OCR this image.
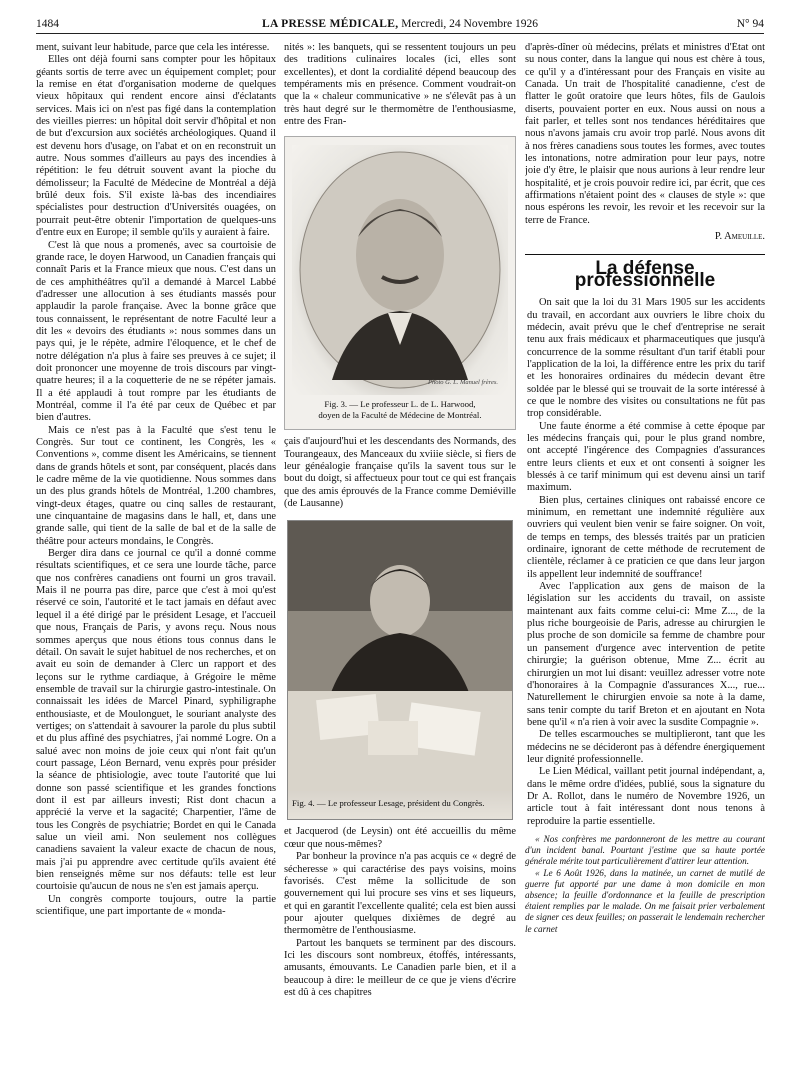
1484	LA PRESSE MÉDICALE, Mercredi, 24 Novembre 1926	N° 94

ment, suivant leur habitude, parce que cela les intéresse.

Elles ont déjà fourni sans compter pour les hôpitaux géants sortis de terre avec un équipement complet; pour la remise en état d'organisation moderne de quelques vieux hôpitaux qui rendent encore ainsi d'éclatants services. Mais ici on n'est pas figé dans la contemplation des vieilles pierres: un hôpital doit servir d'hôpital et non de but d'excursion aux sociétés archéologiques. Quand il est devenu hors d'usage, on l'abat et on en reconstruit un autre. Nous sommes d'ailleurs au pays des incendies à répétition: le feu détruit souvent avant la pioche du démolisseur; la Faculté de Médecine de Montréal a déjà brûlé deux fois. S'il existe là-bas des incendiaires spécialistes pour destruction d'Universités ouagées, on pourrait peut-être obtenir l'importation de quelques-uns d'entre eux en Europe; il semble qu'ils y auraient à faire.

C'est là que nous a promenés, avec sa courtoisie de grande race, le doyen Harwood, un Canadien français qui connaît Paris et la France mieux que nous. C'est dans un de ces amphithéâtres qu'il a demandé à Marcel Labbé d'adresser une allocution à ses étudiants massés pour applaudir la parole française. Avec la bonne grâce que tous connaissent, le représentant de notre Faculté leur a dit les « devoirs des étudiants »: nous sommes dans un pays qui, je le répète, admire l'éloquence, et le chef de notre délégation n'a plus à faire ses preuves à ce sujet; il doit prononcer une moyenne de trois discours par vingt-quatre heures; il a la coquetterie de ne se répéter jamais. Il a été applaudi à tout rompre par les étudiants de Montréal, comme il l'a été par ceux de Québec et par bien d'autres.

Mais ce n'est pas à la Faculté que s'est tenu le Congrès. Sur tout ce continent, les Congrès, les « Conventions », comme disent les Américains, se tiennent dans de grands hôtels et sont, par conséquent, placés dans le cadre même de la vie quotidienne. Nous sommes dans un des plus grands hôtels de Montréal, 1.200 chambres, vingt-deux étages, quatre ou cinq salles de restaurant, une cinquantaine de magasins dans le hall, et, dans une grande salle, qui tient de la salle de bal et de la salle de théâtre pour acteurs mondains, le Congrès.

Berger dira dans ce journal ce qu'il a donné comme résultats scientifiques, et ce sera une lourde tâche, parce que nos confrères canadiens ont fourni un gros travail. Mais il ne pourra pas dire, parce que c'est à moi qu'est réservé ce soin, l'autorité et le tact jamais en défaut avec lequel il a été dirigé par le président Lesage, et l'accueil que nous, Français de Paris, y avons reçu. Nous nous sommes aperçus que nous étions tous connus dans le détail. On savait le sujet habituel de nos recherches, et on avait eu soin de demander à Clerc un rapport et des leçons sur le rythme cardiaque, à Grégoire le même ensemble de travail sur la chirurgie gastro-intestinale. On connaissait les idées de Marcel Pinard, syphiligraphe enthousiaste, et de Moulonguet, le souriant analyste des vertiges; on s'attendait à savourer la parole du plus subtil et du plus affiné des psychiatres, j'ai nommé Logre. On a salué avec non moins de joie ceux qui n'ont fait qu'un court passage, Léon Bernard, venu exprès pour présider la séance de phtisiologie, avec toute l'autorité que lui donne son passé scientifique et les grandes fonctions dont il est par ailleurs investi; Rist dont chacun a apprécié la verve et la sagacité; Charpentier, l'âme de tous les Congrès de psychiatrie; Bordet en qui le Canada salue un vieil ami. Non seulement nos collègues canadiens savaient la valeur exacte de chacun de nous, mais j'ai pu apprendre avec certitude qu'ils avaient été bien renseignés même sur nos défauts: telle est leur courtoisie qu'aucun de nous ne s'en est jamais aperçu.

Un congrès comporte toujours, outre la partie scientifique, une part importante de « monda-

nités »: les banquets, qui se ressentent toujours un peu des traditions culinaires locales (ici, elles sont excellentes), et dont la cordialité dépend beaucoup des tempéraments mis en présence. Comment voudrait-on que la « chaleur communicative » ne s'élevât pas à un très haut degré sur le thermomètre de l'enthousiasme, entre des Fran-

Photo G. L. Manuel frères.
Fig. 3. — Le professeur L. de L. Harwood,
doyen de la Faculté de Médecine de Montréal.

çais d'aujourd'hui et les descendants des Normands, des Tourangeaux, des Manceaux du xviiie siècle, si fiers de leur généalogie française qu'ils la savent tous sur le bout du doigt, si affectueux pour tout ce qui est français que des amis éprouvés de la France comme Demiéville (de Lausanne)

Fig. 4. — Le professeur Lesage, président du Congrès.

et Jacquerod (de Leysin) ont été accueillis du même cœur que nous-mêmes?

Par bonheur la province n'a pas acquis ce « degré de sécheresse » qui caractérise des pays voisins, moins favorisés. C'est même la sollicitude de son gouvernement qui lui procure ses vins et ses liqueurs, et qui en garantit l'excellente qualité; cela est bien aussi pour ajouter quelques dixièmes de degré au thermomètre de l'enthousiasme.

Partout les banquets se terminent par des discours. Ici les discours sont nombreux, étoffés, intéressants, amusants, émouvants. Le Canadien parle bien, et il a beaucoup à dire: le meilleur de ce que je viens d'écrire est dû à ces chapitres

d'après-dîner où médecins, prélats et ministres d'État ont su nous conter, dans la langue qui nous est chère à tous, ce qu'il y a d'intéressant pour des Français en visite au Canada. Un trait de l'hospitalité canadienne, c'est de flatter le goût oratoire que leurs hôtes, fils de Gaulois diserts, pouvaient porter en eux. Nous aussi on nous a fait parler, et telles sont nos tendances héréditaires que nous n'avons jamais cru avoir trop parlé. Nous avons dit à nos frères canadiens sous toutes les formes, avec toutes les intonations, notre admiration pour leur pays, notre joie d'y être, le plaisir que nous aurions à leur rendre leur hospitalité, et je crois pouvoir redire ici, par écrit, que ces affirmations n'étaient point des « clauses de style »: que nous espérons les revoir, les revoir et les recevoir sur la terre de France.

P. Ameuille.
La défense professionnelle

On sait que la loi du 31 Mars 1905 sur les accidents du travail, en accordant aux ouvriers le libre choix du médecin, avait prévu que le chef d'entreprise ne serait tenu aux frais médicaux et pharmaceutiques que jusqu'à concurrence de la somme résultant d'un tarif établi pour l'application de la loi, la différence entre les prix du tarif et les honoraires ordinaires du médecin devant être soldée par le blessé qui se trouvait de la sorte intéressé à ce que le nombre des visites ou consultations ne fût pas trop considérable.

Une faute énorme a été commise à cette époque par les médecins français qui, pour le plus grand nombre, ont accepté l'ingérence des Compagnies d'assurances entre leurs clients et eux et ont consenti à soigner les blessés à ce tarif minimum qui est devenu ainsi un tarif maximum.

Bien plus, certaines cliniques ont rabaissé encore ce minimum, en remettant une indemnité régulière aux ouvriers qui veulent bien venir se faire soigner. On voit, de temps en temps, des blessés traités par un praticien ordinaire, ignorant de cette méthode de recrutement de clientèle, réclamer à ce praticien ce que dans leur jargon ils appellent leur indemnité de souffrance!

Avec l'application aux gens de maison de la législation sur les accidents du travail, on assiste maintenant aux faits comme celui-ci: Mme Z..., de la plus riche bourgeoisie de Paris, adresse au chirurgien le plus proche de son domicile sa femme de chambre pour un pansement d'urgence avec intervention de petite chirurgie; la guérison obtenue, Mme Z... écrit au chirurgien un mot lui disant: veuillez adresser votre note d'honoraires à la Compagnie d'assurances X..., rue... Naturellement le chirurgien envoie sa note à la dame, sans tenir compte du tarif Breton et en ajoutant en Nota bene qu'il « n'a rien à voir avec la susdite Compagnie ».

De telles escarmouches se multiplieront, tant que les médecins ne se décideront pas à défendre énergiquement leur dignité professionnelle.

Le Lien Médical, vaillant petit journal indépendant, a, dans le même ordre d'idées, publié, sous la signature du Dr A. Rollot, dans le numéro de Novembre 1926, un article tout à fait intéressant dont nous tenons à reproduire la partie essentielle.

« Nos confrères me pardonneront de les mettre au courant d'un incident banal. Pourtant j'estime que sa haute portée générale mérite tout particulièrement d'attirer leur attention.

« Le 6 Août 1926, dans la matinée, un carnet de mutilé de guerre fut apporté par une dame à mon domicile en mon absence; la feuille d'ordonnance et la feuille de prescription étaient remplies par le malade. On me faisait prier verbalement de signer ces deux feuilles; on passerait le lendemain rechercher le carnet
